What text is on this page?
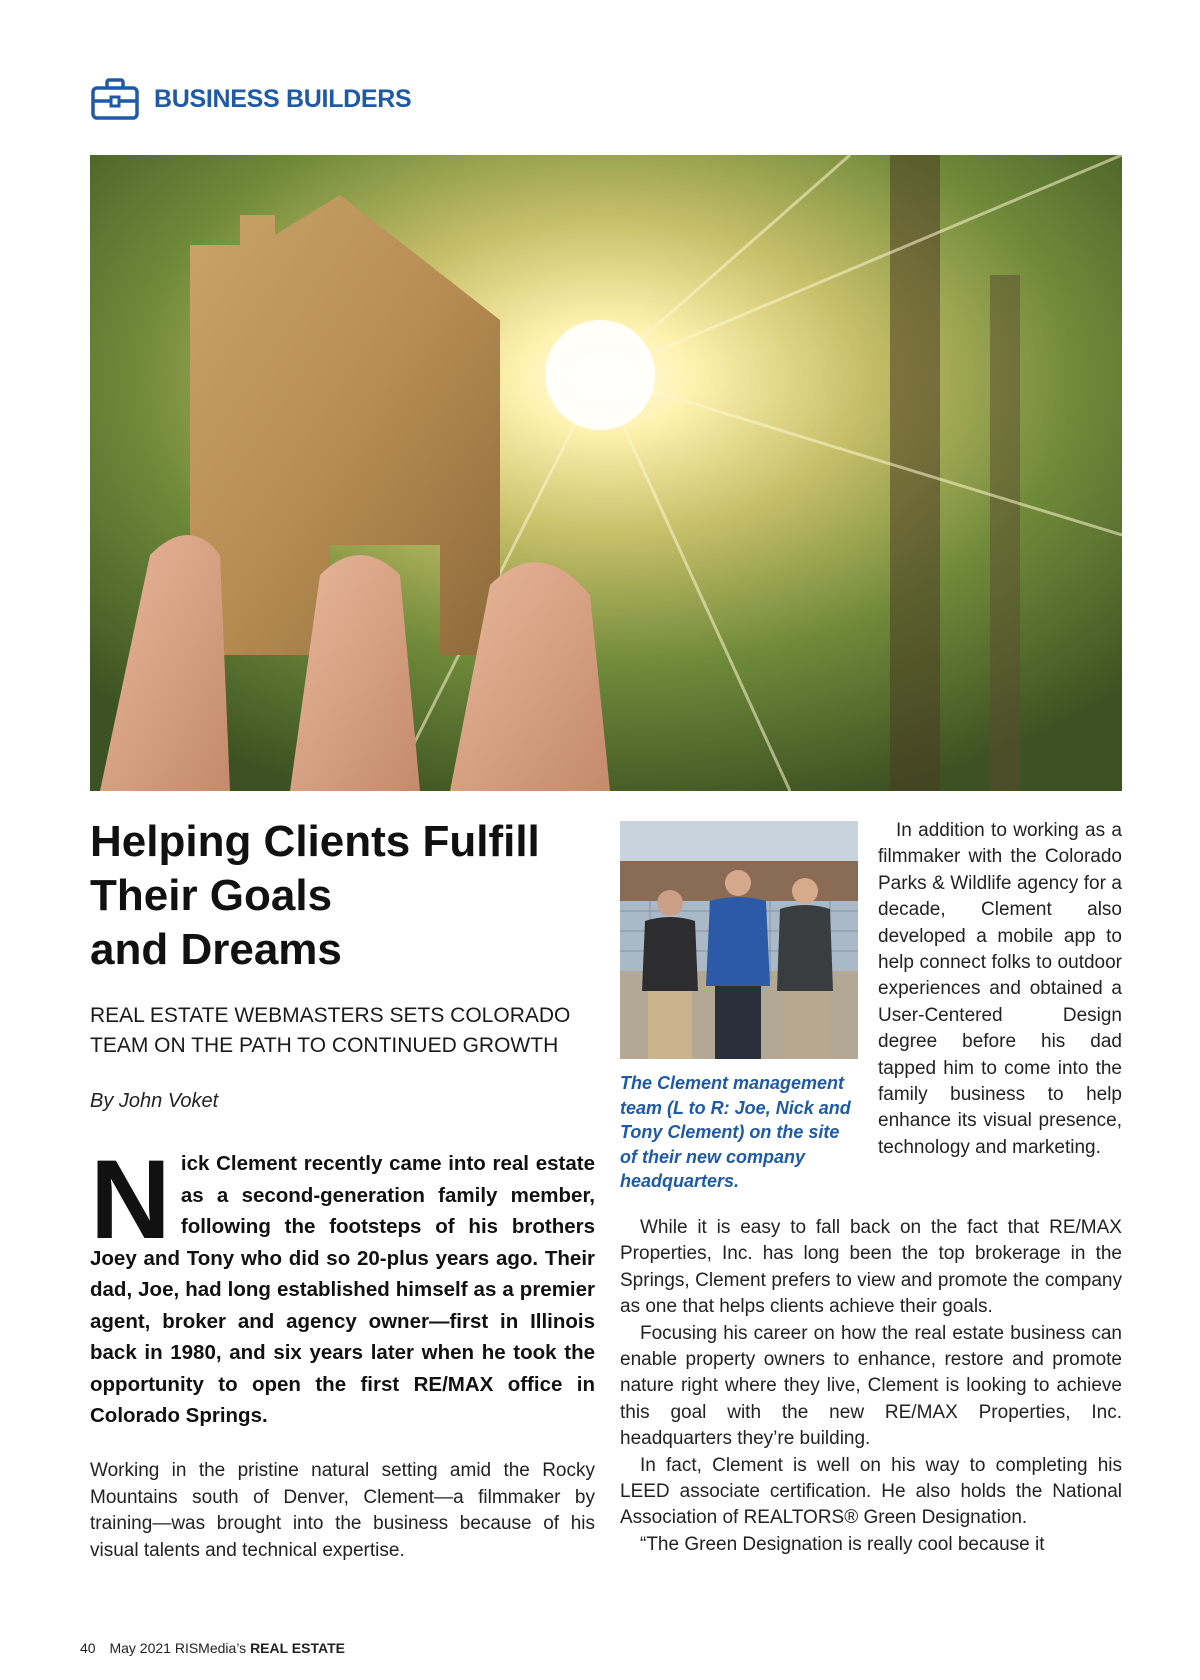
BUSINESS BUILDERS
Helping Clients Fulfill
Their Goals
and Dreams

REAL ESTATE WEBMASTERS SETS COLORADO
TEAM ON THE PATH TO CONTINUED GROWTH

By John Voket

Nick Clement recently came into real estate as a second-generation family member, following the footsteps of his brothers Joey and Tony who did so 20-plus years ago. Their dad, Joe, had long established himself as a premier agent, broker and agency owner—first in Illinois back in 1980, and six years later when he took the opportunity to open the first RE/MAX office in Colorado Springs.

Working in the pristine natural setting amid the Rocky Mountains south of Denver, Clement—a filmmaker by training—was brought into the business because of his visual talents and technical expertise.

The Clement management team (L to R: Joe, Nick and Tony Clement) on the site of their new company headquarters.

In addition to working as a filmmaker with the Colorado Parks & Wildlife agency for a decade, Clement also developed a mobile app to help connect folks to outdoor experiences and obtained a User-Centered Design degree before his dad tapped him to come into the family business to help enhance its visual presence, technology and marketing.

While it is easy to fall back on the fact that RE/MAX Properties, Inc. has long been the top brokerage in the Springs, Clement prefers to view and promote the company as one that helps clients achieve their goals.

Focusing his career on how the real estate business can enable property owners to enhance, restore and promote nature right where they live, Clement is looking to achieve this goal with the new RE/MAX Properties, Inc. headquarters they’re building.

In fact, Clement is well on his way to completing his LEED associate certification. He also holds the National Association of REALTORS® Green Designation.

“The Green Designation is really cool because it

40 May 2021 RISMedia’s REAL ESTATE
